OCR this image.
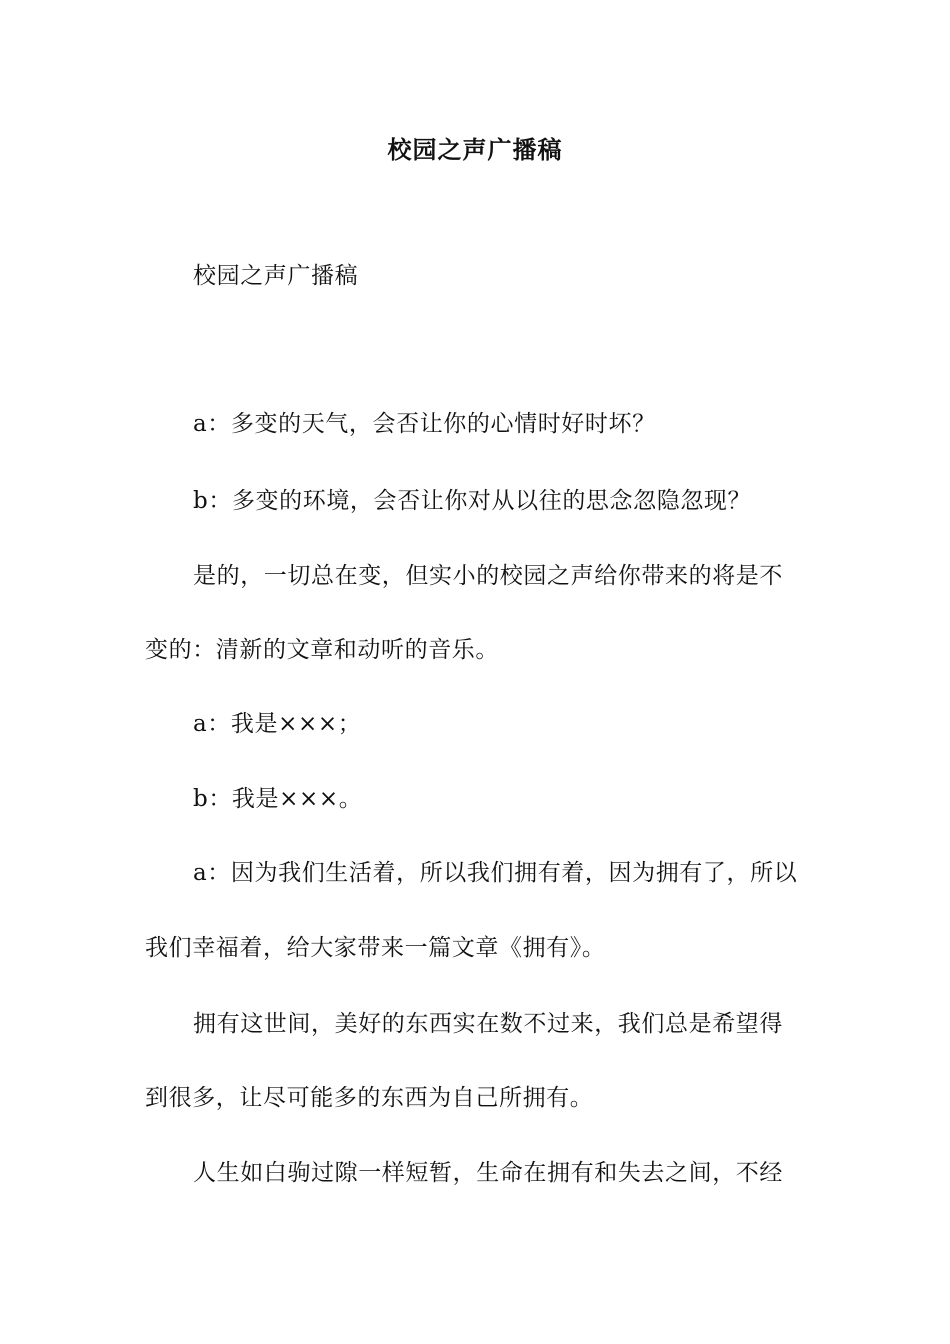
校园之声广播稿
校园之声广播稿
a：多变的天气，会否让你的心情时好时坏？
b：多变的环境，会否让你对从以往的思念忽隐忽现？
是的，一切总在变，但实小的校园之声给你带来的将是不
变的：清新的文章和动听的音乐。
a：我是×××；
b：我是×××。
a：因为我们生活着，所以我们拥有着，因为拥有了，所以
我们幸福着，给大家带来一篇文章《拥有》。
拥有这世间，美好的东西实在数不过来，我们总是希望得
到很多，让尽可能多的东西为自己所拥有。
人生如白驹过隙一样短暂，生命在拥有和失去之间，不经
